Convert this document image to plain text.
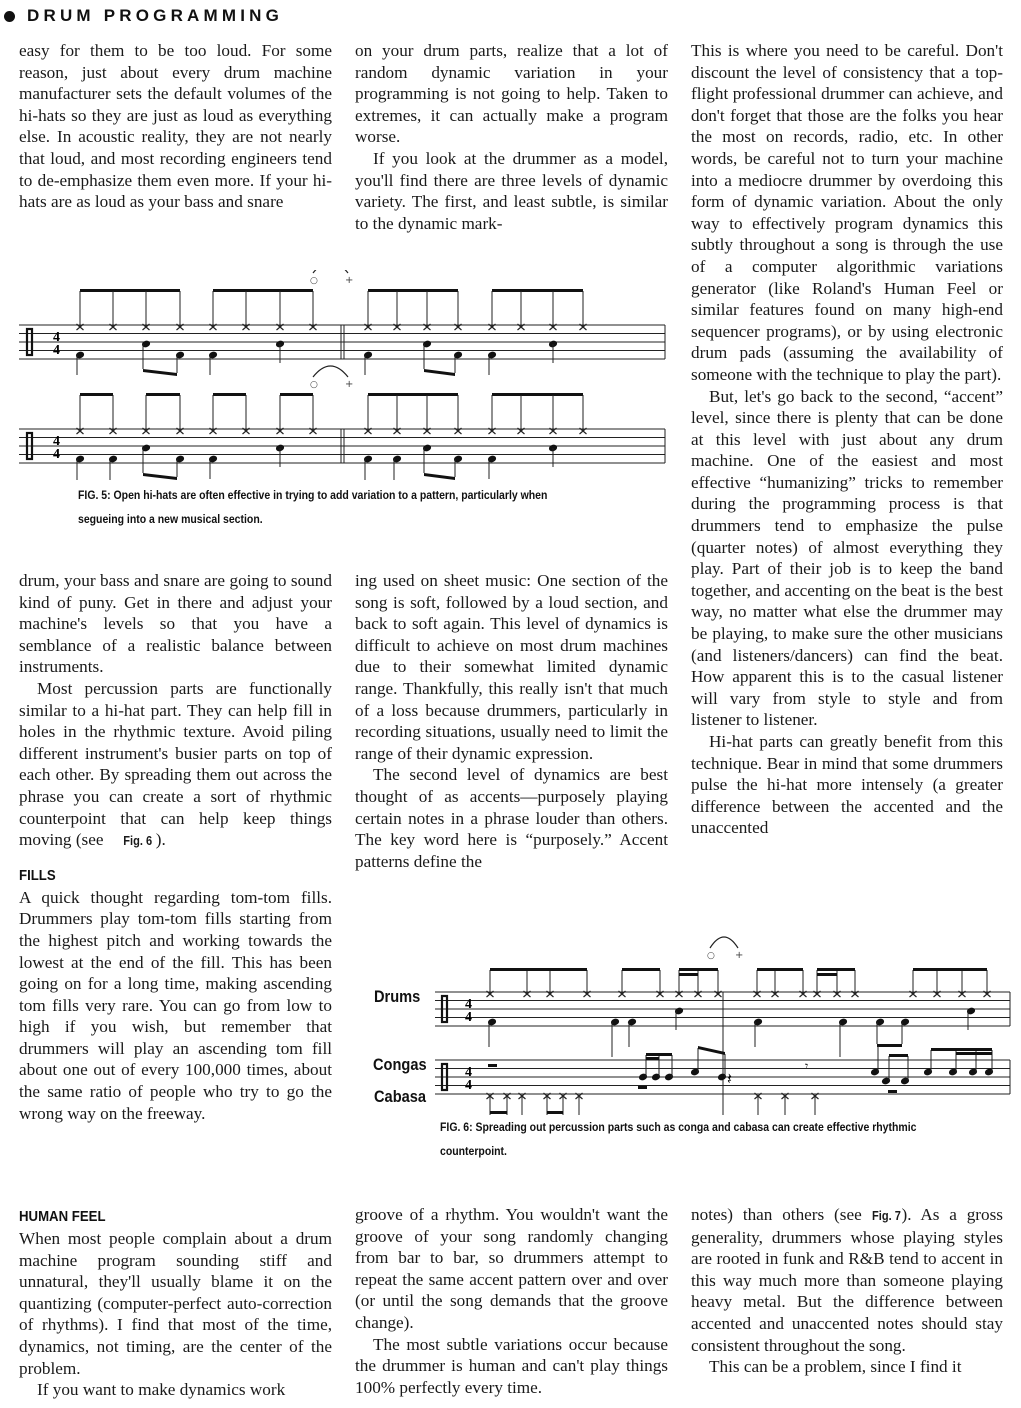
DRUM PROGRAMMING

easy for them to be too loud. For some reason, just about every drum machine manufacturer sets the default volumes of the hi-hats so they are just as loud as everything else. In acoustic reality, they are not nearly that loud, and most recording engineers tend to de-emphasize them even more. If your hi-hats are as loud as your bass and snare

on your drum parts, realize that a lot of random dynamic variation in your programming is not going to help. Taken to extremes, it can actually make a program worse.

If you look at the drummer as a model, you'll find there are three levels of dynamic variety. The first, and least subtle, is similar to the dynamic mark-

This is where you need to be careful. Don't discount the level of consistency that a top-flight professional drummer can achieve, and don't forget that those are the folks you hear the most on records, radio, etc. In other words, be careful not to turn your machine into a mediocre drummer by overdoing this form of dynamic variation. About the only way to effectively program dynamics this subtly throughout a song is through the use of a computer algorithmic variations generator (like Roland's Human Feel or similar features found on many high-end sequencer programs), or by using electronic drum pads (assuming the availability of someone with the technique to play the part).

But, let's go back to the second, “accent” level, since there is plenty that can be done at this level with just about any drum machine. One of the easiest and most effective “humanizing” tricks to remember during the programming process is that drummers tend to emphasize the pulse (quarter notes) of almost everything they play. Part of their job is to keep the band together, and accenting on the beat is the best way, no matter what else the drummer may be playing, to make sure the other musicians (and listeners/dancers) can find the beat. How apparent this is to the casual listener will vary from style to style and from listener to listener.

Hi-hat parts can greatly benefit from this technique. Bear in mind that some drummers pulse the hi-hat more intensely (a greater difference between the accented and the unaccented

4
4
○	+
4
4
○	+
FIG. 5: Open hi-hats are often effective in trying to add variation to a pattern, particularly when
segueing into a new musical section.

drum, your bass and snare are going to sound kind of puny. Get in there and adjust your machine's levels so that you have a semblance of a realistic balance between instruments.

Most percussion parts are functionally similar to a hi-hat part. They can help fill in holes in the rhythmic texture. Avoid piling different instrument's busier parts on top of each other. By spreading them out across the phrase you can create a sort of rhythmic counterpoint that can help keep things moving (see Fig. 6 ).

FILLS

A quick thought regarding tom-tom fills. Drummers play tom-tom fills starting from the highest pitch and working towards the lowest at the end of the fill. This has been going on for a long time, making ascending tom fills very rare. You can go from low to high if you wish, but remember that drummers will play an ascending tom fill about one out of every 100,000 times, about the same ratio of people who try to go the wrong way on the freeway.

ing used on sheet music: One section of the song is soft, followed by a loud section, and back to soft again. This level of dynamics is difficult to achieve on most drum machines due to their somewhat limited dynamic range. Thankfully, this really isn't that much of a loss because drummers, particularly in recording situations, usually need to limit the range of their dynamic expression.

The second level of dynamics are best thought of as accents—purposely playing certain notes in a phrase louder than others. The key word here is “purposely.” Accent patterns define the

Drums
Congas
Cabasa
4
4
○ +
4
4	𝄽
𝄾
FIG. 6: Spreading out percussion parts such as conga and cabasa can create effective rhythmic
counterpoint.
HUMAN FEEL

When most people complain about a drum machine program sounding stiff and unnatural, they'll usually blame it on the quantizing (computer-perfect auto-correction of rhythms). I find that most of the time, dynamics, not timing, are the center of the problem.

If you want to make dynamics work

groove of a rhythm. You wouldn't want the groove of your song randomly changing from bar to bar, so drummers attempt to repeat the same accent pattern over and over (or until the song demands that the groove change).

The most subtle variations occur because the drummer is human and can't play things 100% perfectly every time.

notes) than others (see Fig. 7). As a gross generality, drummers whose playing styles are rooted in funk and R&B tend to accent in this way much more than someone playing heavy metal. But the difference between accented and unaccented notes should stay consistent throughout the song.

This can be a problem, since I find it
